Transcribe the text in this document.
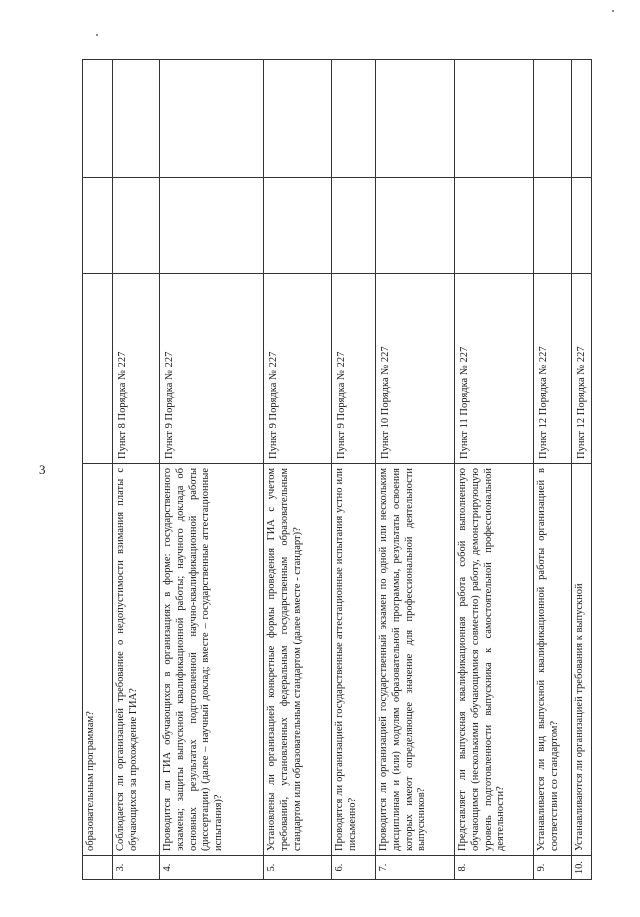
3
	образовательным программам?			
3.	Соблюдается ли организацией требование о недопустимости взимания платы с обучающихся за прохождение ГИА?	Пункт 8 Порядка № 227		
4.	Проводится ли ГИА обучающихся в организациях в форме: государственного экзамена; защиты выпускной квалификационной работы; научного доклада об основных результатах подготовленной научно-квалификационной работы (диссертации) (далее – научный доклад; вместе – государственные аттестационные испытания)?	Пункт 9 Порядка № 227		
5.	Установлены ли организацией конкретные формы проведения ГИА с учетом требований, установленных федеральным государственным образовательным стандартом или образовательным стандартом (далее вместе - стандарт)?	Пункт 9 Порядка № 227		
6.	Проводятся ли организацией государственные аттестационные испытания устно или письменно?	Пункт 9 Порядка № 227		
7.	Проводится ли организацией государственный экзамен по одной или нескольким дисциплинам и (или) модулям образовательной программы, результаты освоения которых имеют определяющее значение для профессиональной деятельности выпускников?	Пункт 10 Порядка № 227		
8.	Представляет ли выпускная квалификационная работа собой выполненную обучающимся (несколькими обучающимися совместно) работу, демонстрирующую уровень подготовленности выпускника к самостоятельной профессиональной деятельности?	Пункт 11 Порядка № 227		
9.	Устанавливается ли вид выпускной квалификационной работы организацией в соответствии со стандартом?	Пункт 12 Порядка № 227		
10.	Устанавливаются ли организацией требования к выпускной	Пункт 12 Порядка № 227		
